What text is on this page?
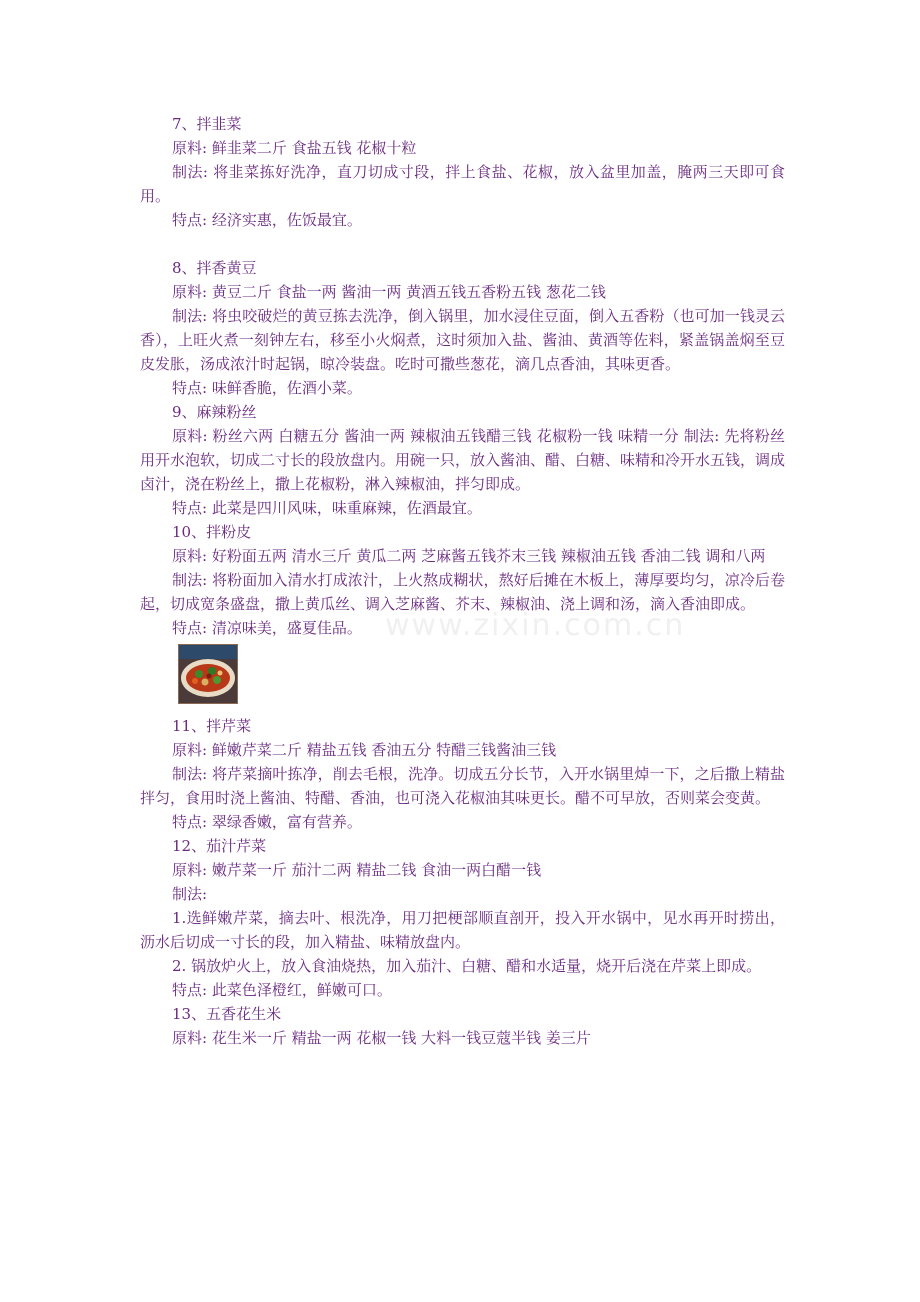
7、拌韭菜

原料: 鲜韭菜二斤 食盐五钱 花椒十粒

制法: 将韭菜拣好洗净，直刀切成寸段，拌上食盐、花椒，放入盆里加盖，腌两三天即可食用。

特点: 经济实惠，佐饭最宜。

8、拌香黄豆

原料: 黄豆二斤 食盐一两 酱油一两 黄酒五钱五香粉五钱 葱花二钱

制法: 将虫咬破烂的黄豆拣去洗净，倒入锅里，加水浸住豆面，倒入五香粉（也可加一钱灵云香），上旺火煮一刻钟左右，移至小火焖煮，这时须加入盐、酱油、黄酒等佐料，紧盖锅盖焖至豆皮发胀，汤成浓汁时起锅，晾冷装盘。吃时可撒些葱花，滴几点香油，其味更香。

特点: 味鲜香脆，佐酒小菜。

9、麻辣粉丝

原料: 粉丝六两 白糖五分 酱油一两 辣椒油五钱醋三钱 花椒粉一钱 味精一分 制法: 先将粉丝用开水泡软，切成二寸长的段放盘内。用碗一只，放入酱油、醋、白糖、味精和冷开水五钱，调成卤汁，浇在粉丝上，撒上花椒粉，淋入辣椒油，拌匀即成。

特点: 此菜是四川风味，味重麻辣，佐酒最宜。

10、拌粉皮

原料: 好粉面五两 清水三斤 黄瓜二两 芝麻酱五钱芥末三钱 辣椒油五钱 香油二钱 调和八两

制法: 将粉面加入清水打成浓汁，上火熬成糊状，熬好后摊在木板上，薄厚要均匀，凉冷后卷起，切成宽条盛盘，撒上黄瓜丝、调入芝麻酱、芥末、辣椒油、浇上调和汤，滴入香油即成。

特点: 清凉味美，盛夏佳品。

11、拌芹菜

原料: 鲜嫩芹菜二斤 精盐五钱 香油五分 特醋三钱酱油三钱

制法: 将芹菜摘叶拣净，削去毛根，洗净。切成五分长节，入开水锅里焯一下，之后撒上精盐拌匀，食用时浇上酱油、特醋、香油，也可浇入花椒油其味更长。醋不可早放，否则菜会变黄。

特点: 翠绿香嫩，富有营养。

12、茄汁芹菜

原料: 嫩芹菜一斤 茄汁二两 精盐二钱 食油一两白醋一钱

制法:

1.选鲜嫩芹菜，摘去叶、根洗净，用刀把梗部顺直剖开，投入开水锅中，见水再开时捞出，沥水后切成一寸长的段，加入精盐、味精放盘内。

2. 锅放炉火上，放入食油烧热，加入茄汁、白糖、醋和水适量，烧开后浇在芹菜上即成。

特点: 此菜色泽橙红，鲜嫩可口。

13、五香花生米

原料: 花生米一斤 精盐一两 花椒一钱 大料一钱豆蔻半钱 姜三片

www.zixin.com.cn
